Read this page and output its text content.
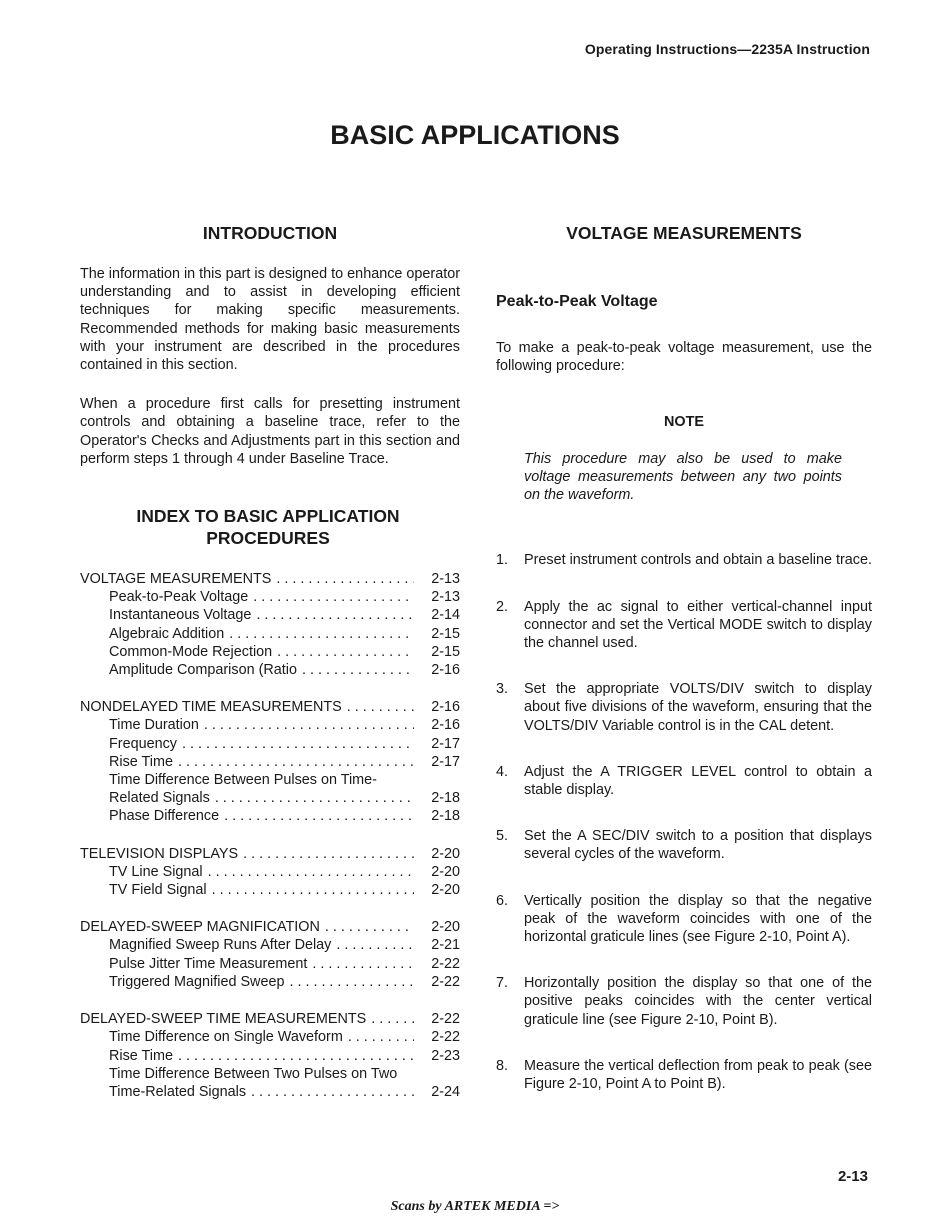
Operating Instructions—2235A Instruction
BASIC APPLICATIONS
INTRODUCTION

The information in this part is designed to enhance operator understanding and to assist in developing efficient techniques for making specific measurements. Recommended methods for making basic measurements with your instrument are described in the procedures contained in this section.

When a procedure first calls for presetting instrument controls and obtaining a baseline trace, refer to the Operator's Checks and Adjustments part in this section and perform steps 1 through 4 under Baseline Trace.

INDEX TO BASIC APPLICATION
PROCEDURES
VOLTAGE MEASUREMENTS . . .	2-13
Peak-to-Peak Voltage . . .	2-13
Instantaneous Voltage . . .	2-14
Algebraic Addition . . .	2-15
Common-Mode Rejection . . .	2-15
Amplitude Comparison (Ratio . . .	2-16
NONDELAYED TIME MEASUREMENTS . . .	2-16
Time Duration . . .	2-16
Frequency . . .	2-17
Rise Time . . .	2-17
Time Difference Between Pulses on Time-
Related Signals . . .	2-18
Phase Difference . . .	2-18
TELEVISION DISPLAYS . . .	2-20
TV Line Signal . . .	2-20
TV Field Signal . . .	2-20
DELAYED-SWEEP MAGNIFICATION . . .	2-20
Magnified Sweep Runs After Delay . . .	2-21
Pulse Jitter Time Measurement . . .	2-22
Triggered Magnified Sweep . . .	2-22
DELAYED-SWEEP TIME MEASUREMENTS . . .	2-22
Time Difference on Single Waveform . . .	2-22
Rise Time . . .	2-23
Time Difference Between Two Pulses on Two
Time-Related Signals . . .	2-24
VOLTAGE MEASUREMENTS
Peak-to-Peak Voltage

To make a peak-to-peak voltage measurement, use the following procedure:

NOTE

This procedure may also be used to make voltage measurements between any two points on the waveform.

1.	Preset instrument controls and obtain a baseline trace.
2.	Apply the ac signal to either vertical-channel input connector and set the Vertical MODE switch to display the channel used.
3.	Set the appropriate VOLTS/DIV switch to display about five divisions of the waveform, ensuring that the VOLTS/DIV Variable control is in the CAL detent.
4.	Adjust the A TRIGGER LEVEL control to obtain a stable display.
5.	Set the A SEC/DIV switch to a position that displays several cycles of the waveform.
6.	Vertically position the display so that the negative peak of the waveform coincides with one of the horizontal graticule lines (see Figure 2-10, Point A).
7.	Horizontally position the display so that one of the positive peaks coincides with the center vertical graticule line (see Figure 2-10, Point B).
8.	Measure the vertical deflection from peak to peak (see Figure 2-10, Point A to Point B).
2-13
Scans by ARTEK MEDIA =>
